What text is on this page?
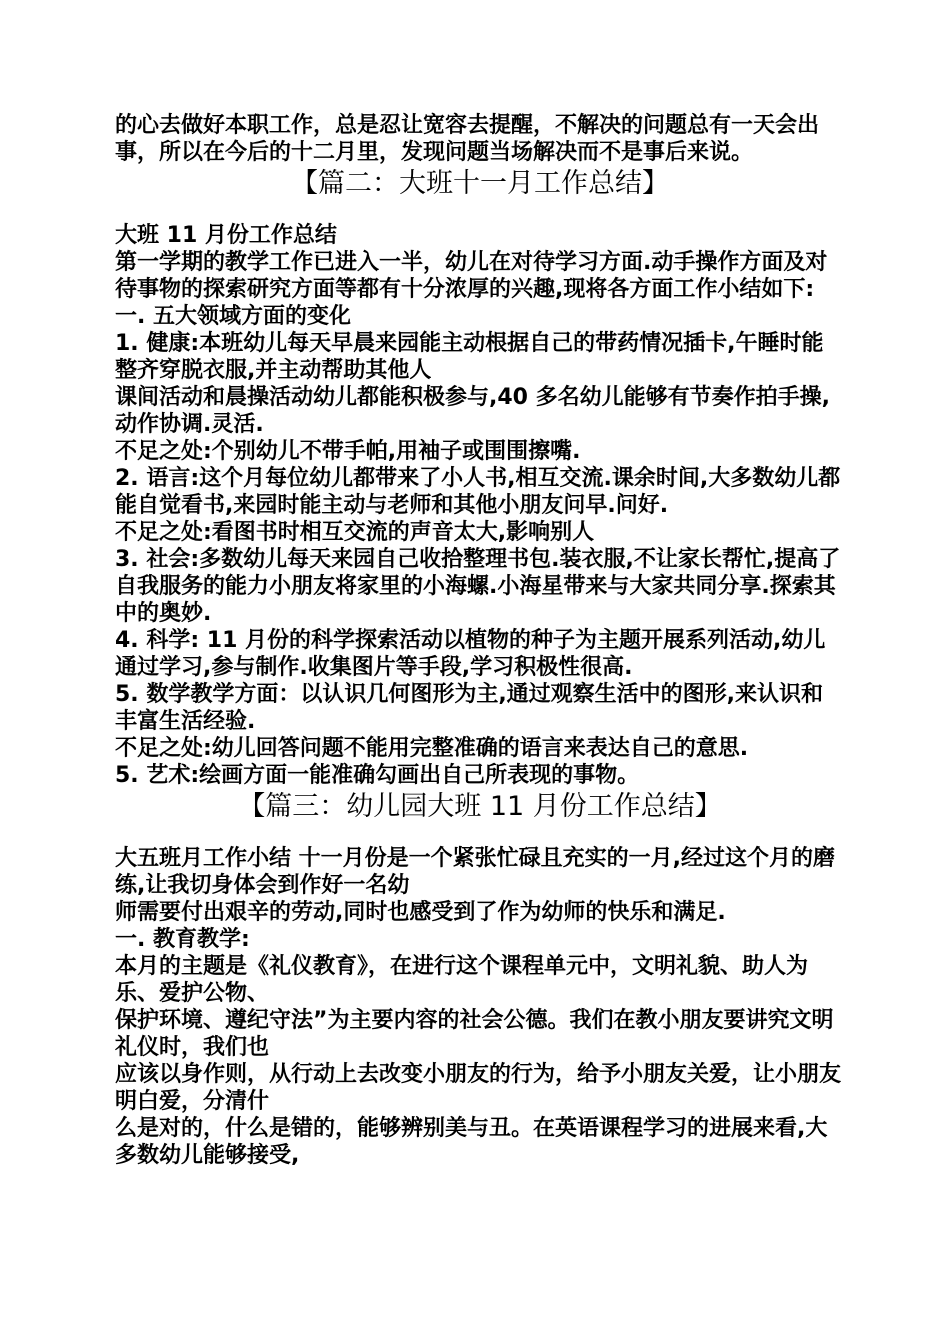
的心去做好本职工作，总是忍让宽容去提醒，不解决的问题总有一天会出事，所以在今后的十二月里，发现问题当场解决而不是事后来说。

【篇二：大班十一月工作总结】

大班 11 月份工作总结

第一学期的教学工作已进入一半，幼儿在对待学习方面.动手操作方面及对待事物的探索研究方面等都有十分浓厚的兴趣,现将各方面工作小结如下:

一. 五大领域方面的变化

1. 健康:本班幼儿每天早晨来园能主动根据自己的带药情况插卡,午睡时能整齐穿脱衣服,并主动帮助其他人

课间活动和晨操活动幼儿都能积极参与,40 多名幼儿能够有节奏作拍手操,动作协调.灵活.

不足之处:个别幼儿不带手帕,用袖子或围围擦嘴.

2. 语言:这个月每位幼儿都带来了小人书,相互交流.课余时间,大多数幼儿都能自觉看书,来园时能主动与老师和其他小朋友问早.问好.

不足之处:看图书时相互交流的声音太大,影响别人

3. 社会:多数幼儿每天来园自己收拾整理书包.装衣服,不让家长帮忙,提高了自我服务的能力小朋友将家里的小海螺.小海星带来与大家共同分享.探索其中的奥妙.

4. 科学: 11 月份的科学探索活动以植物的种子为主题开展系列活动,幼儿通过学习,参与制作.收集图片等手段,学习积极性很高.

5. 数学教学方面：以认识几何图形为主,通过观察生活中的图形,来认识和丰富生活经验.

不足之处:幼儿回答问题不能用完整准确的语言来表达自己的意思.

5. 艺术:绘画方面一能准确勾画出自己所表现的事物。

【篇三：幼儿园大班 11 月份工作总结】

大五班月工作小结 十一月份是一个紧张忙碌且充实的一月,经过这个月的磨练,让我切身体会到作好一名幼

师需要付出艰辛的劳动,同时也感受到了作为幼师的快乐和满足.

一. 教育教学:

本月的主题是《礼仪教育》，在进行这个课程单元中，文明礼貌、助人为乐、爱护公物、

保护环境、遵纪守法”为主要内容的社会公德。我们在教小朋友要讲究文明礼仪时，我们也

应该以身作则，从行动上去改变小朋友的行为，给予小朋友关爱，让小朋友明白爱，分清什

么是对的，什么是错的，能够辨别美与丑。在英语课程学习的进展来看,大多数幼儿能够接受,
